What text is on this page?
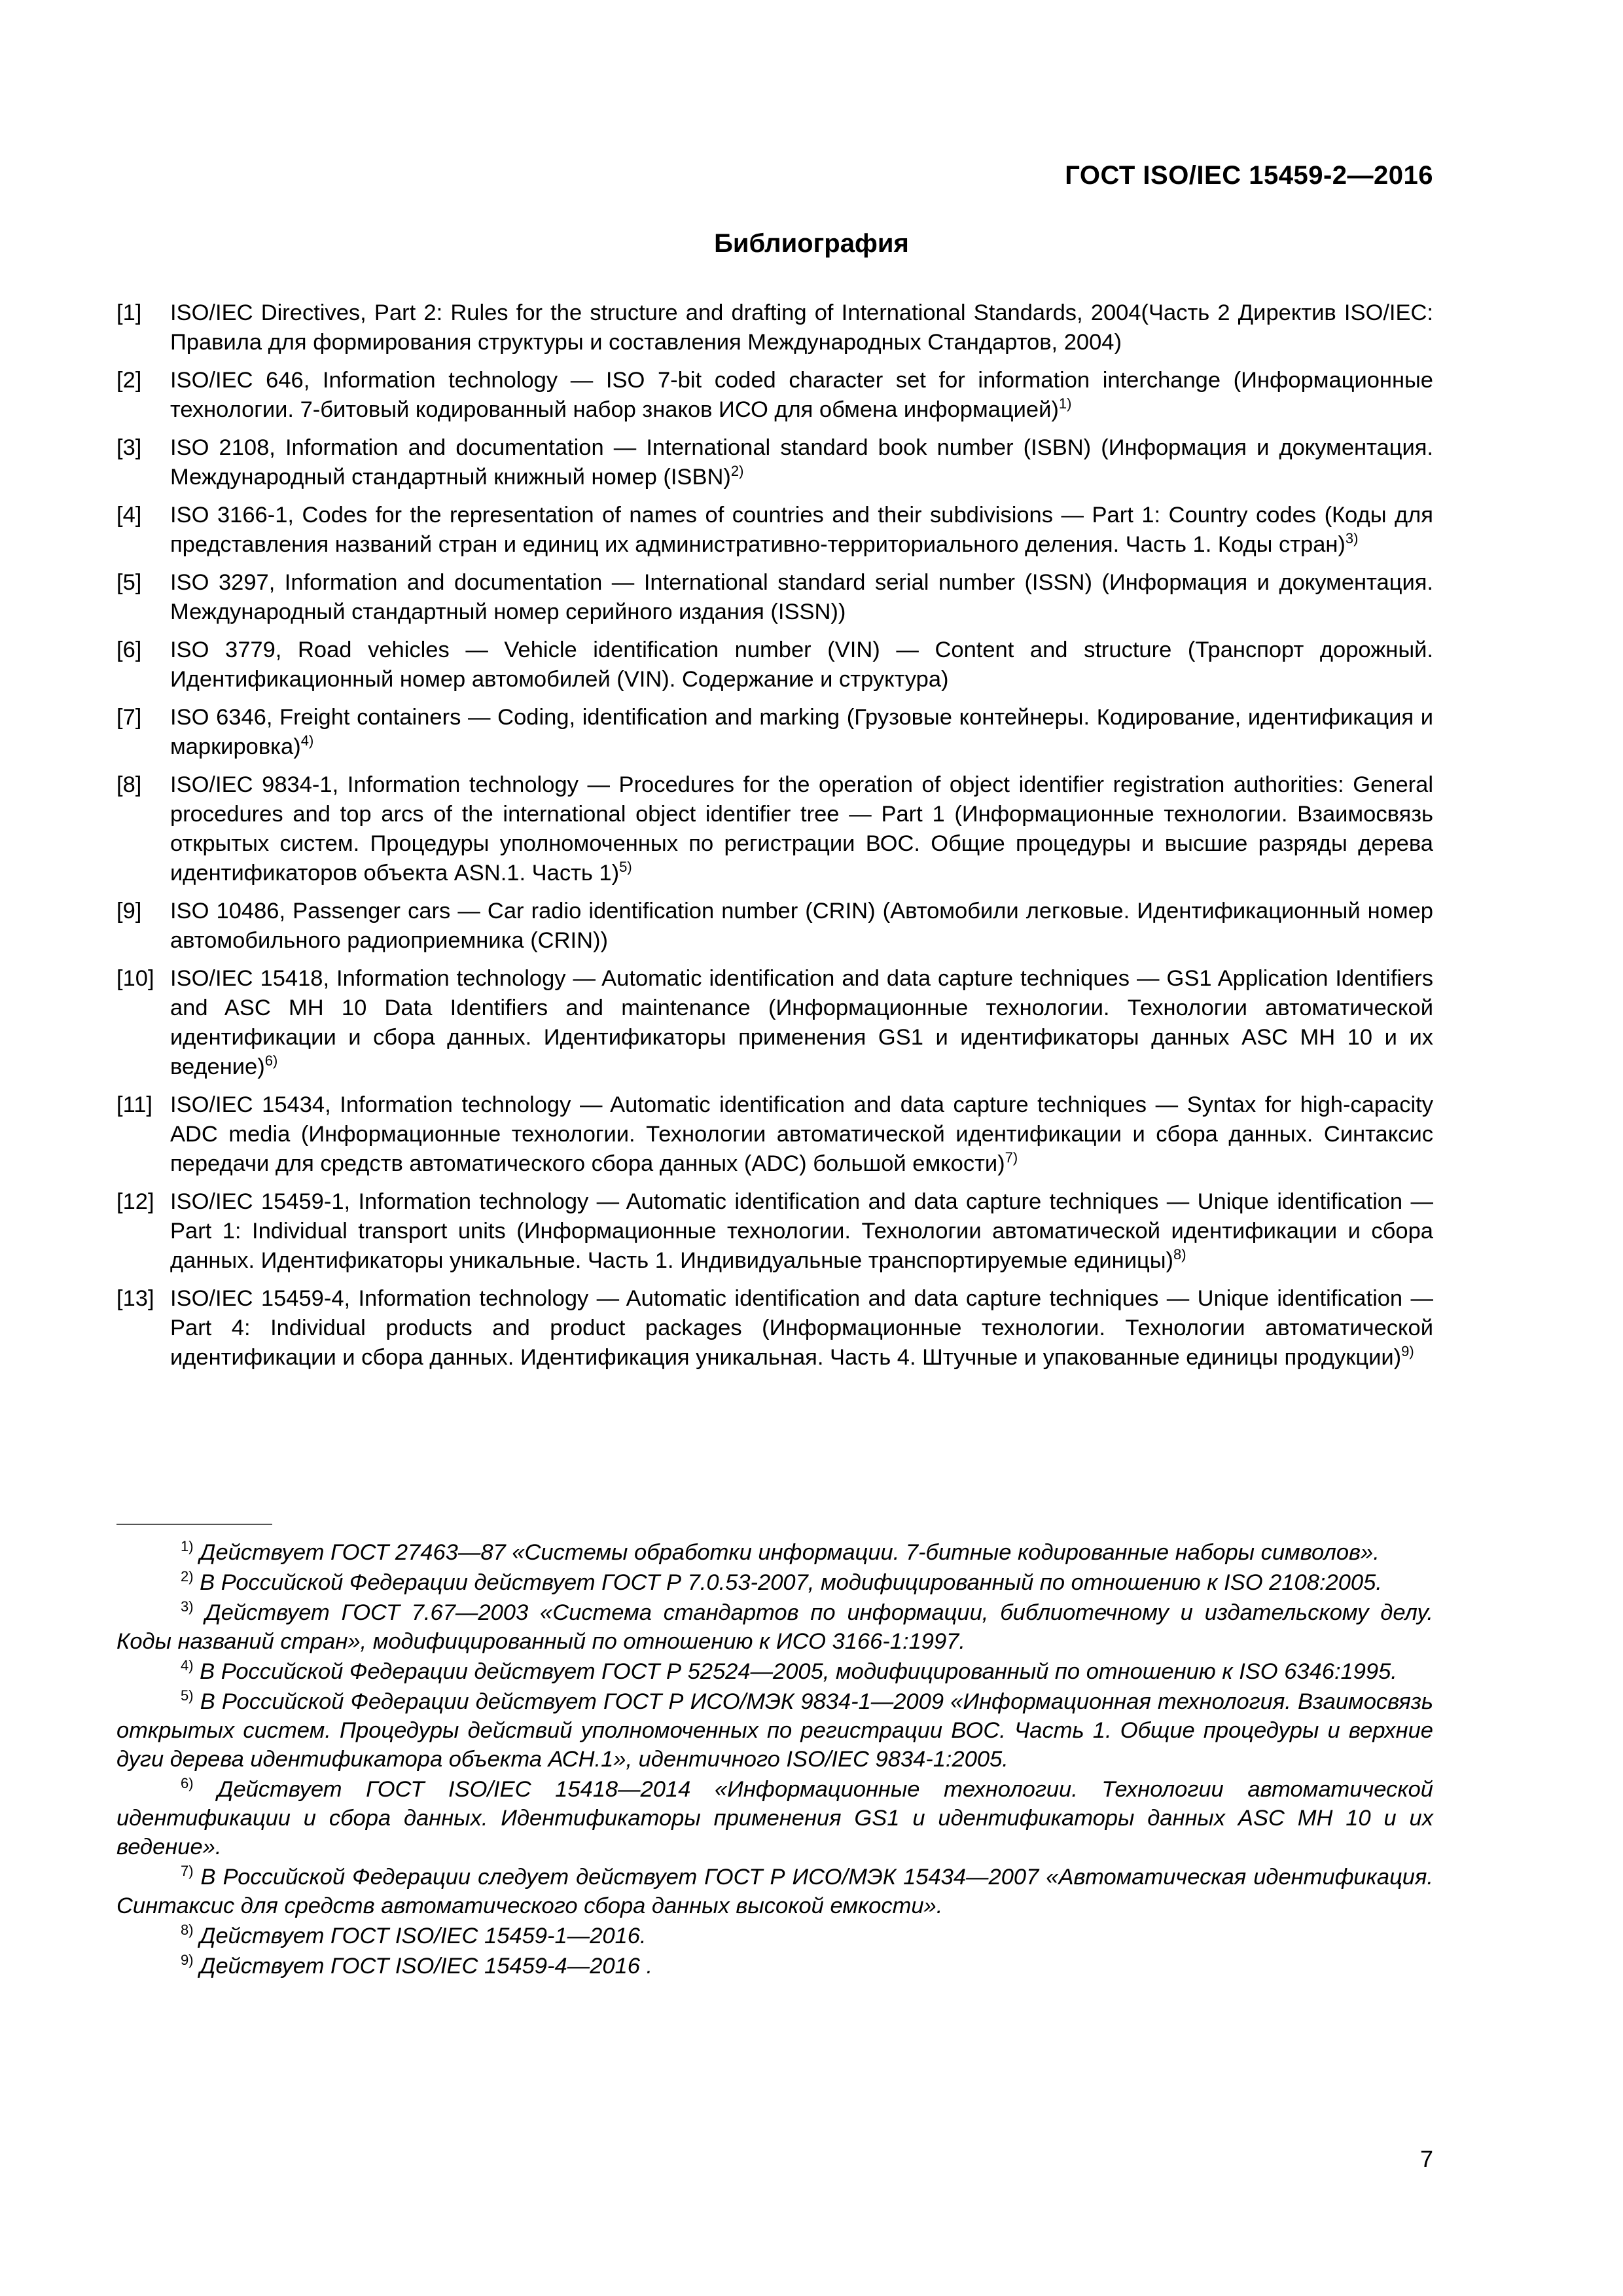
ГОСТ ISO/IEC 15459-2—2016
Библиография
[1] ISO/IEC Directives, Part 2: Rules for the structure and drafting of International Standards, 2004(Часть 2 Директив ISO/IEC: Правила для формирования структуры и составления Международных Стандартов, 2004)
[2] ISO/IEC 646, Information technology — ISO 7-bit coded character set for information interchange (Информационные технологии. 7-битовый кодированный набор знаков ИСО для обмена информацией)$^{1)}$
[3] ISO 2108, Information and documentation — International standard book number (ISBN) (Информация и документация. Международный стандартный книжный номер (ISBN)$^{2)}$
[4] ISO 3166-1, Codes for the representation of names of countries and their subdivisions — Part 1: Country codes (Коды для представления названий стран и единиц их административно-территориального деления. Часть 1. Коды стран)$^{3)}$
[5] ISO 3297, Information and documentation — International standard serial number (ISSN) (Информация и документация. Международный стандартный номер серийного издания (ISSN))
[6] ISO 3779, Road vehicles — Vehicle identification number (VIN) — Content and structure (Транспорт дорожный. Идентификационный номер автомобилей (VIN). Содержание и структура)
[7] ISO 6346, Freight containers — Coding, identification and marking (Грузовые контейнеры. Кодирование, идентификация и маркировка)$^{4)}$
[8] ISO/IEC 9834-1, Information technology — Procedures for the operation of object identifier registration authorities: General procedures and top arcs of the international object identifier tree — Part 1 (Информационные технологии. Взаимосвязь открытых систем. Процедуры уполномоченных по регистрации ВОС. Общие процедуры и высшие разряды дерева идентификаторов объекта ASN.1. Часть 1)$^{5)}$
[9] ISO 10486, Passenger cars — Car radio identification number (CRIN) (Автомобили легковые. Идентификационный номер автомобильного радиоприемника (CRIN))
[10] ISO/IEC 15418, Information technology — Automatic identification and data capture techniques — GS1 Application Identifiers and ASC MH 10 Data Identifiers and maintenance (Информационные технологии. Технологии автоматической идентификации и сбора данных. Идентификаторы применения GS1 и идентификаторы данных ASC MH 10 и их ведение)$^{6)}$
[11] ISO/IEC 15434, Information technology — Automatic identification and data capture techniques — Syntax for high-capacity ADC media (Информационные технологии. Технологии автоматической идентификации и сбора данных. Синтаксис передачи для средств автоматического сбора данных (ADC) большой емкости)$^{7)}$
[12] ISO/IEC 15459-1, Information technology — Automatic identification and data capture techniques — Unique identification — Part 1: Individual transport units (Информационные технологии. Технологии автоматической идентификации и сбора данных. Идентификаторы уникальные. Часть 1. Индивидуальные транспортируемые единицы)$^{8)}$
[13] ISO/IEC 15459-4, Information technology — Automatic identification and data capture techniques — Unique identification — Part 4: Individual products and product packages (Информационные технологии. Технологии автоматической идентификации и сбора данных. Идентификация уникальная. Часть 4. Штучные и упакованные единицы продукции)$^{9)}$
$^{1)}$ Действует ГОСТ 27463—87 «Системы обработки информации. 7-битные кодированные наборы символов».
$^{2)}$ В Российской Федерации действует ГОСТ Р 7.0.53-2007, модифицированный по отношению к ISO 2108:2005.
$^{3)}$ Действует ГОСТ 7.67—2003 «Система стандартов по информации, библиотечному и издательскому делу. Коды названий стран», модифицированный по отношению к ИСО 3166-1:1997.
$^{4)}$ В Российской Федерации действует ГОСТ Р 52524—2005, модифицированный по отношению к ISO 6346:1995.
$^{5)}$ В Российской Федерации действует ГОСТ Р ИСО/МЭК 9834-1—2009 «Информационная технология. Взаимосвязь открытых систем. Процедуры действий уполномоченных по регистрации ВОС. Часть 1. Общие процедуры и верхние дуги дерева идентификатора объекта АСН.1», идентичного ISO/IEC 9834-1:2005.
$^{6)}$ Действует ГОСТ ISO/IEC 15418—2014 «Информационные технологии. Технологии автоматической идентификации и сбора данных. Идентификаторы применения GS1 и идентификаторы данных ASC MH 10 и их ведение».
$^{7)}$ В Российской Федерации следует действует ГОСТ Р ИСО/МЭК 15434—2007 «Автоматическая идентификация. Синтаксис для средств автоматического сбора данных высокой емкости».
$^{8)}$ Действует ГОСТ ISO/IEC 15459-1—2016.
$^{9)}$ Действует ГОСТ ISO/IEC 15459-4—2016 .
7
